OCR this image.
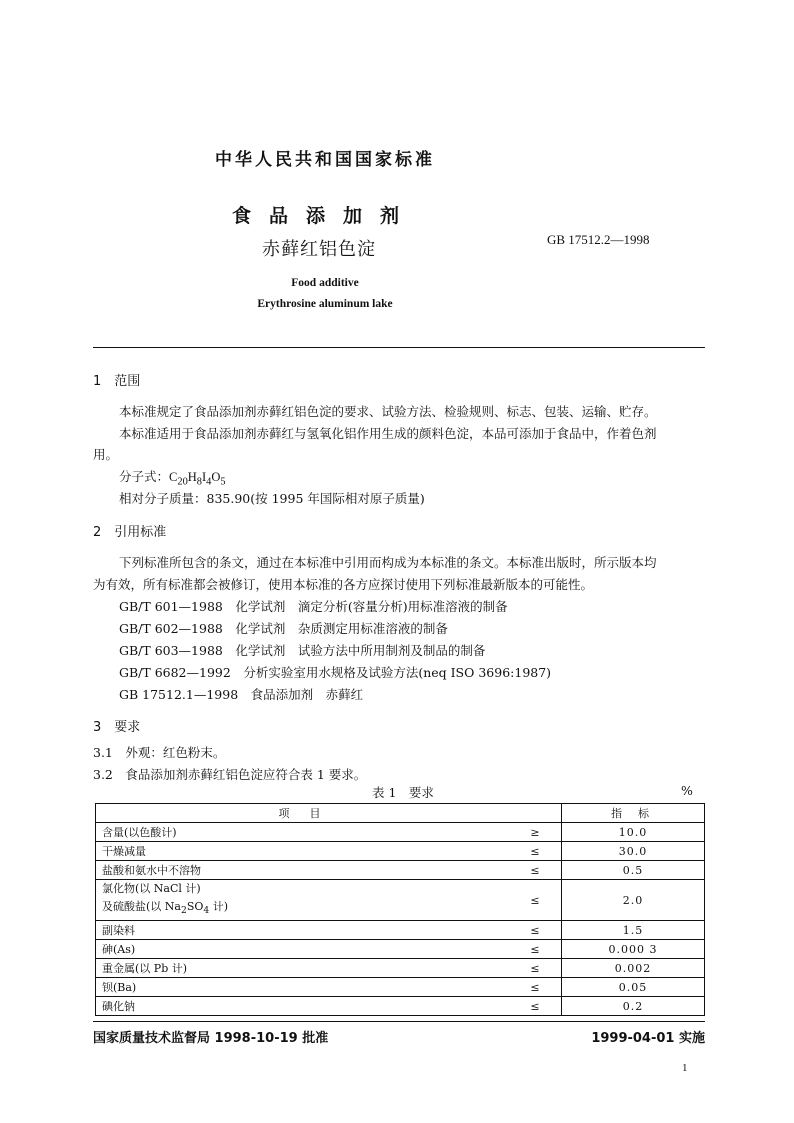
中华人民共和国国家标准
食品添加剂
赤藓红铝色淀	GB 17512.2—1998
Food additive
Erythrosine aluminum lake
1　范围
本标准规定了食品添加剂赤藓红铝色淀的要求、试验方法、检验规则、标志、包装、运输、贮存。
本标准适用于食品添加剂赤藓红与氢氧化铝作用生成的颜料色淀，本品可添加于食品中，作着色剂
用。
分子式：$C_{20}H_8I_4O_5$
相对分子质量：835.90(按 1995 年国际相对原子质量)
2　引用标准
下列标准所包含的条文，通过在本标准中引用而构成为本标准的条文。本标准出版时，所示版本均
为有效，所有标准都会被修订，使用本标准的各方应探讨使用下列标准最新版本的可能性。
GB/T 601—1988　化学试剂　滴定分析(容量分析)用标准溶液的制备
GB/T 602—1988　化学试剂　杂质测定用标准溶液的制备
GB/T 603—1988　化学试剂　试验方法中所用制剂及制品的制备
GB/T 6682—1992　分析实验室用水规格及试验方法(neq ISO 3696:1987)
GB 17512.1—1998　食品添加剂　赤藓红
3　要求
3.1　外观：红色粉末。
3.2　食品添加剂赤藓红铝色淀应符合表 1 要求。
表 1　要求	%
项目		指标
含量(以色酸计)	≥	10.0
干燥减量	≤	30.0
盐酸和氨水中不溶物	≤	0.5

氯化物(以 NaCl 计)
及硫酸盐(以 $Na_2SO_4$ 计)	≤	2.0
副染料	≤	1.5
砷(As)	≤	0.000 3
重金属(以 Pb 计)	≤	0.002
钡(Ba)	≤	0.05
碘化钠	≤	0.2
国家质量技术监督局 1998-10-19 批准	1999-04-01 实施
1
